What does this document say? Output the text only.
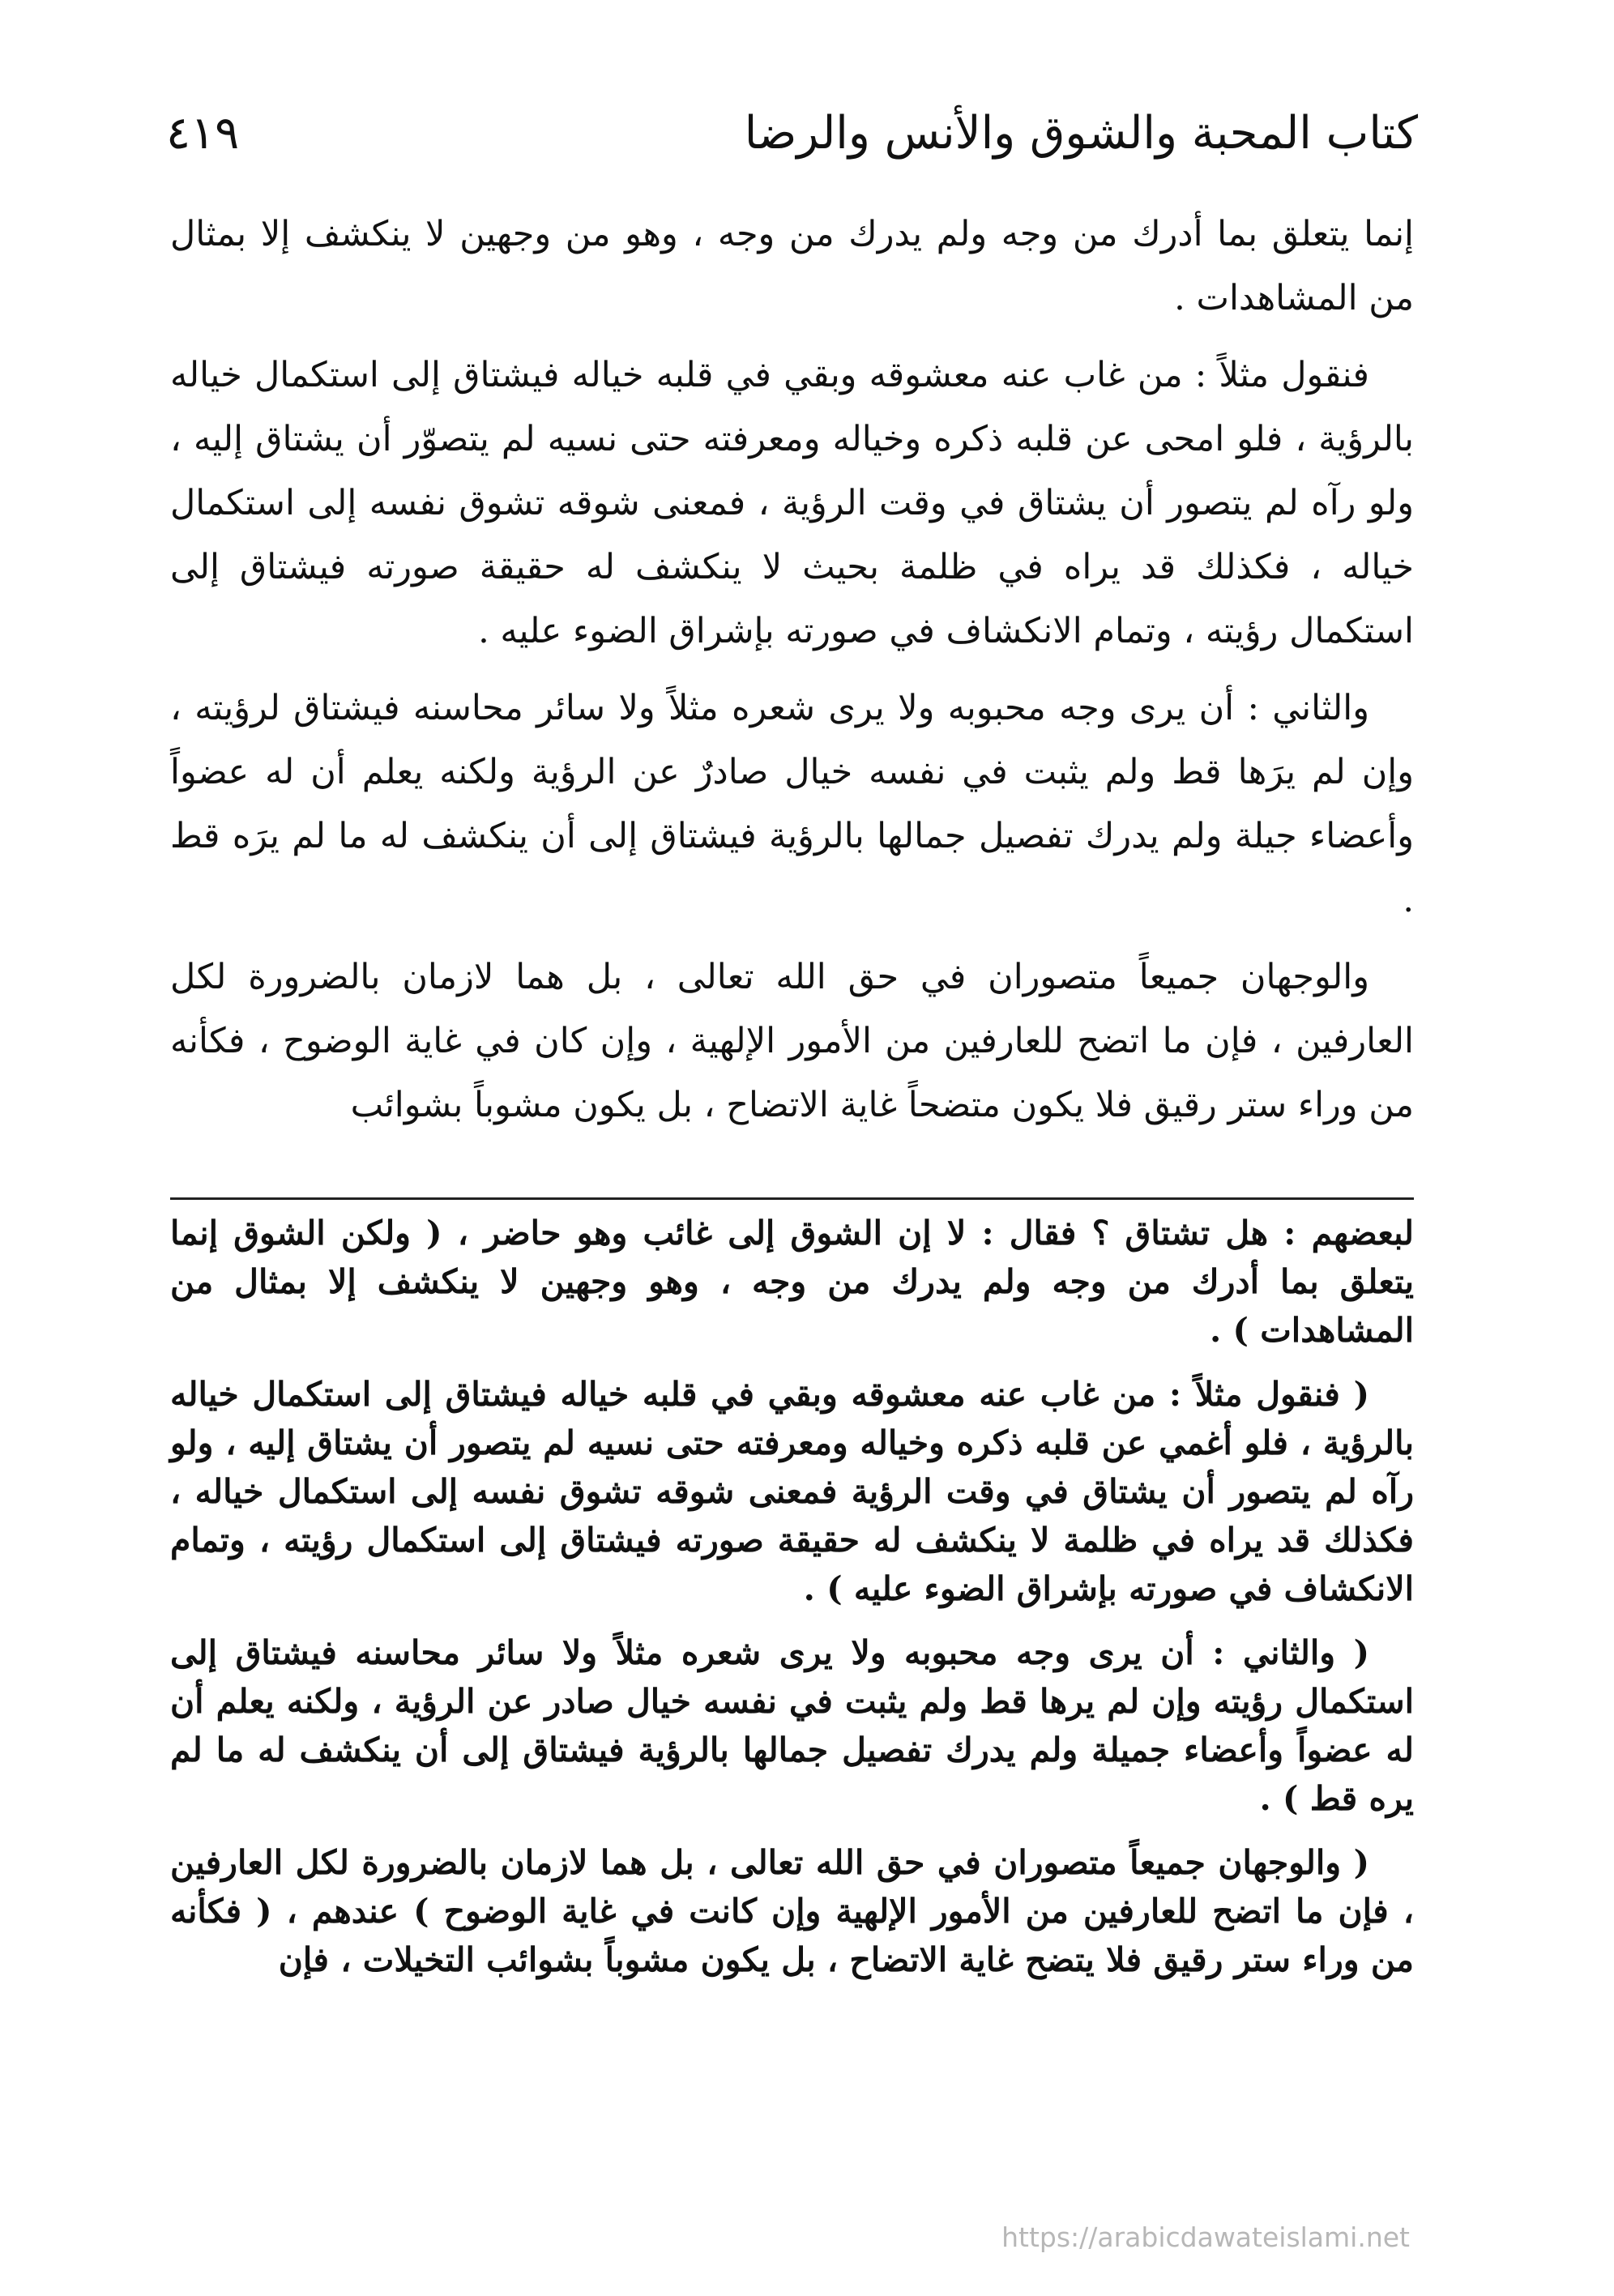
كتاب المحبة والشوق والأنس والرضا
٤١٩

إنما يتعلق بما أدرك من وجه ولم يدرك من وجه ، وهو من وجهين لا ينكشف إلا بمثال من المشاهدات .

فنقول مثلاً : من غاب عنه معشوقه وبقي في قلبه خياله فيشتاق إلى استكمال خياله بالرؤية ، فلو امحى عن قلبه ذكره وخياله ومعرفته حتى نسيه لم يتصوّر أن يشتاق إليه ، ولو رآه لم يتصور أن يشتاق في وقت الرؤية ، فمعنى شوقه تشوق نفسه إلى استكمال خياله ، فكذلك قد يراه في ظلمة بحيث لا ينكشف له حقيقة صورته فيشتاق إلى استكمال رؤيته ، وتمام الانكشاف في صورته بإشراق الضوء عليه .

والثاني : أن يرى وجه محبوبه ولا يرى شعره مثلاً ولا سائر محاسنه فيشتاق لرؤيته ، وإن لم يرَها قط ولم يثبت في نفسه خيال صادرٌ عن الرؤية ولكنه يعلم أن له عضواً وأعضاء جيلة ولم يدرك تفصيل جمالها بالرؤية فيشتاق إلى أن ينكشف له ما لم يرَه قط .

والوجهان جميعاً متصوران في حق الله تعالى ، بل هما لازمان بالضرورة لكل العارفين ، فإن ما اتضح للعارفين من الأمور الإلهية ، وإن كان في غاية الوضوح ، فكأنه من وراء ستر رقيق فلا يكون متضحاً غاية الاتضاح ، بل يكون مشوباً بشوائب

لبعضهم : هل تشتاق ؟ فقال : لا إن الشوق إلى غائب وهو حاضر ، ( ولكن الشوق إنما يتعلق بما أدرك من وجه ولم يدرك من وجه ، وهو وجهين لا ينكشف إلا بمثال من المشاهدات ) .

( فنقول مثلاً : من غاب عنه معشوقه وبقي في قلبه خياله فيشتاق إلى استكمال خياله بالرؤية ، فلو أغمي عن قلبه ذكره وخياله ومعرفته حتى نسيه لم يتصور أن يشتاق إليه ، ولو رآه لم يتصور أن يشتاق في وقت الرؤية فمعنى شوقه تشوق نفسه إلى استكمال خياله ، فكذلك قد يراه في ظلمة لا ينكشف له حقيقة صورته فيشتاق إلى استكمال رؤيته ، وتمام الانكشاف في صورته بإشراق الضوء عليه ) .

( والثاني : أن يرى وجه محبوبه ولا يرى شعره مثلاً ولا سائر محاسنه فيشتاق إلى استكمال رؤيته وإن لم يرها قط ولم يثبت في نفسه خيال صادر عن الرؤية ، ولكنه يعلم أن له عضواً وأعضاء جميلة ولم يدرك تفصيل جمالها بالرؤية فيشتاق إلى أن ينكشف له ما لم يره قط ) .

( والوجهان جميعاً متصوران في حق الله تعالى ، بل هما لازمان بالضرورة لكل العارفين ، فإن ما اتضح للعارفين من الأمور الإلهية وإن كانت في غاية الوضوح ) عندهم ، ( فكأنه من وراء ستر رقيق فلا يتضح غاية الاتضاح ، بل يكون مشوباً بشوائب التخيلات ، فإن

https://arabicdawateislami.net
